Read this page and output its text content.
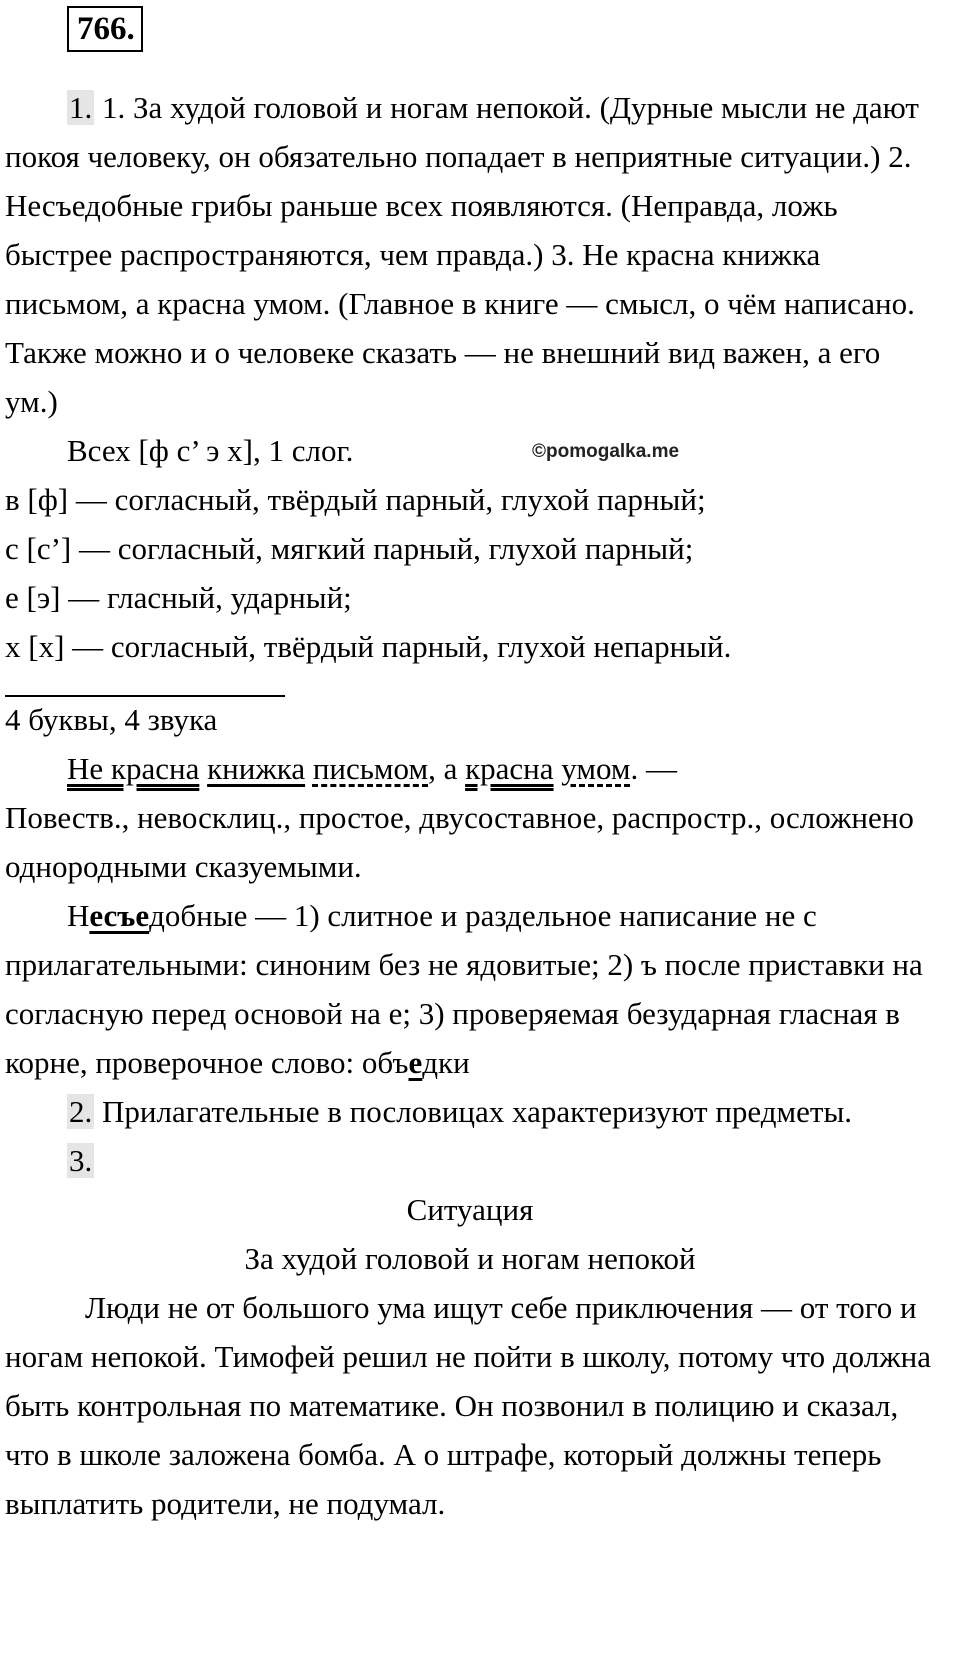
766.
©pomogalka.me

1. 1. За худой головой и ногам непокой. (Дурные мысли не дают покоя человеку, он обязательно попадает в неприятные ситуации.) 2. Несъедобные грибы раньше всех появляются. (Неправда, ложь быстрее распространяются, чем правда.) 3. Не красна книжка письмом, а красна умом. (Главное в книге — смысл, о чём написано. Также можно и о человеке сказать — не внешний вид важен, а его ум.)

Всех [ф с’ э х], 1 слог.

в [ф] — согласный, твёрдый парный, глухой парный;

с [с’] — согласный, мягкий парный, глухой парный;

е [э] — гласный, ударный;

х [х] — согласный, твёрдый парный, глухой непарный.

4 буквы, 4 звука

Не красна книжка письмом, а красна умом. —

Повеств., невосклиц., простое, двусоставное, распростр., осложнено однородными сказуемыми.

Несъедобные — 1) слитное и раздельное написание не с прилагательными: синоним без не ядовитые; 2) ъ после приставки на согласную перед основой на е; 3) проверяемая безударная гласная в корне, проверочное слово: объедки

2. Прилагательные в пословицах характеризуют предметы.

3.

Ситуация

За худой головой и ногам непокой

Люди не от большого ума ищут себе приключения — от того и ногам непокой. Тимофей решил не пойти в школу, потому что должна быть контрольная по математике. Он позвонил в полицию и сказал, что в школе заложена бомба. А о штрафе, который должны теперь выплатить родители, не подумал.
